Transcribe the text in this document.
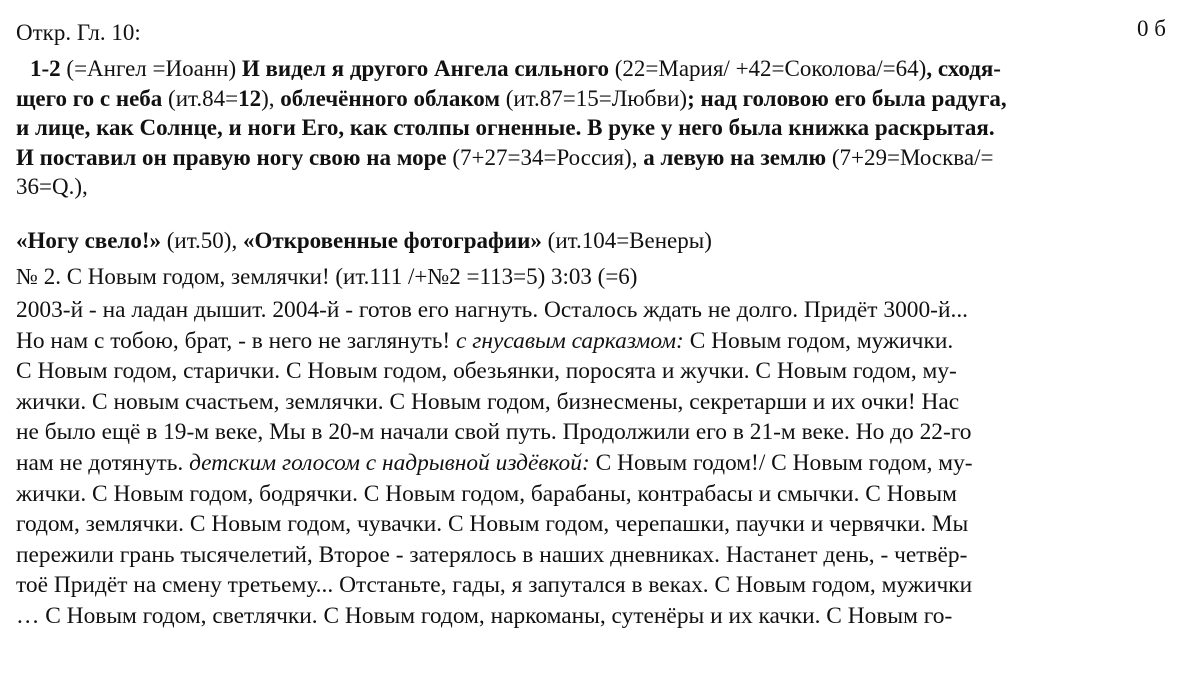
Откр. Гл. 10:	0 б
1-2 (=Ангел =Иоанн) И видел я другого Ангела сильного (22=Мария/ +42=Соколова/=64), сходя-
щего го с неба (ит.84=12), облечённого облаком (ит.87=15=Любви); над головою его была радуга,
и лице, как Солнце, и ноги Его, как столпы огненные. В руке у него была книжка раскрытая.
И поставил он правую ногу свою на море (7+27=34=Россия), а левую на землю (7+29=Москва/=
36=Q.),
«Ногу свело!» (ит.50), «Откровенные фотографии» (ит.104=Венеры)
№ 2. С Новым годом, землячки! (ит.111 /+№2 =113=5) 3:03 (=6)
2003-й - на ладан дышит. 2004-й - готов его нагнуть. Осталось ждать не долго. Придёт 3000-й...
Но нам с тобою, брат, - в него не заглянуть! с гнусавым сарказмом: С Новым годом, мужички.
С Новым годом, старички. С Новым годом, обезьянки, поросята и жучки. С Новым годом, му-
жички. С новым счастьем, землячки. С Новым годом, бизнесмены, секретарши и их очки! Нас
не было ещё в 19-м веке, Мы в 20-м начали свой путь. Продолжили его в 21-м веке. Но до 22-го
нам не дотянуть. детским голосом с надрывной издёвкой: С Новым годом!/ С Новым годом, му-
жички. С Новым годом, бодрячки. С Новым годом, барабаны, контрабасы и смычки. С Новым
годом, землячки. С Новым годом, чувачки. С Новым годом, черепашки, паучки и червячки. Мы
пережили грань тысячелетий, Второе - затерялось в наших дневниках. Настанет день, - четвёр-
тоё Придёт на смену третьему... Отстаньте, гады, я запутался в веках. С Новым годом, мужички
… С Новым годом, светлячки. С Новым годом, наркоманы, сутенёры и их качки. С Новым го-
